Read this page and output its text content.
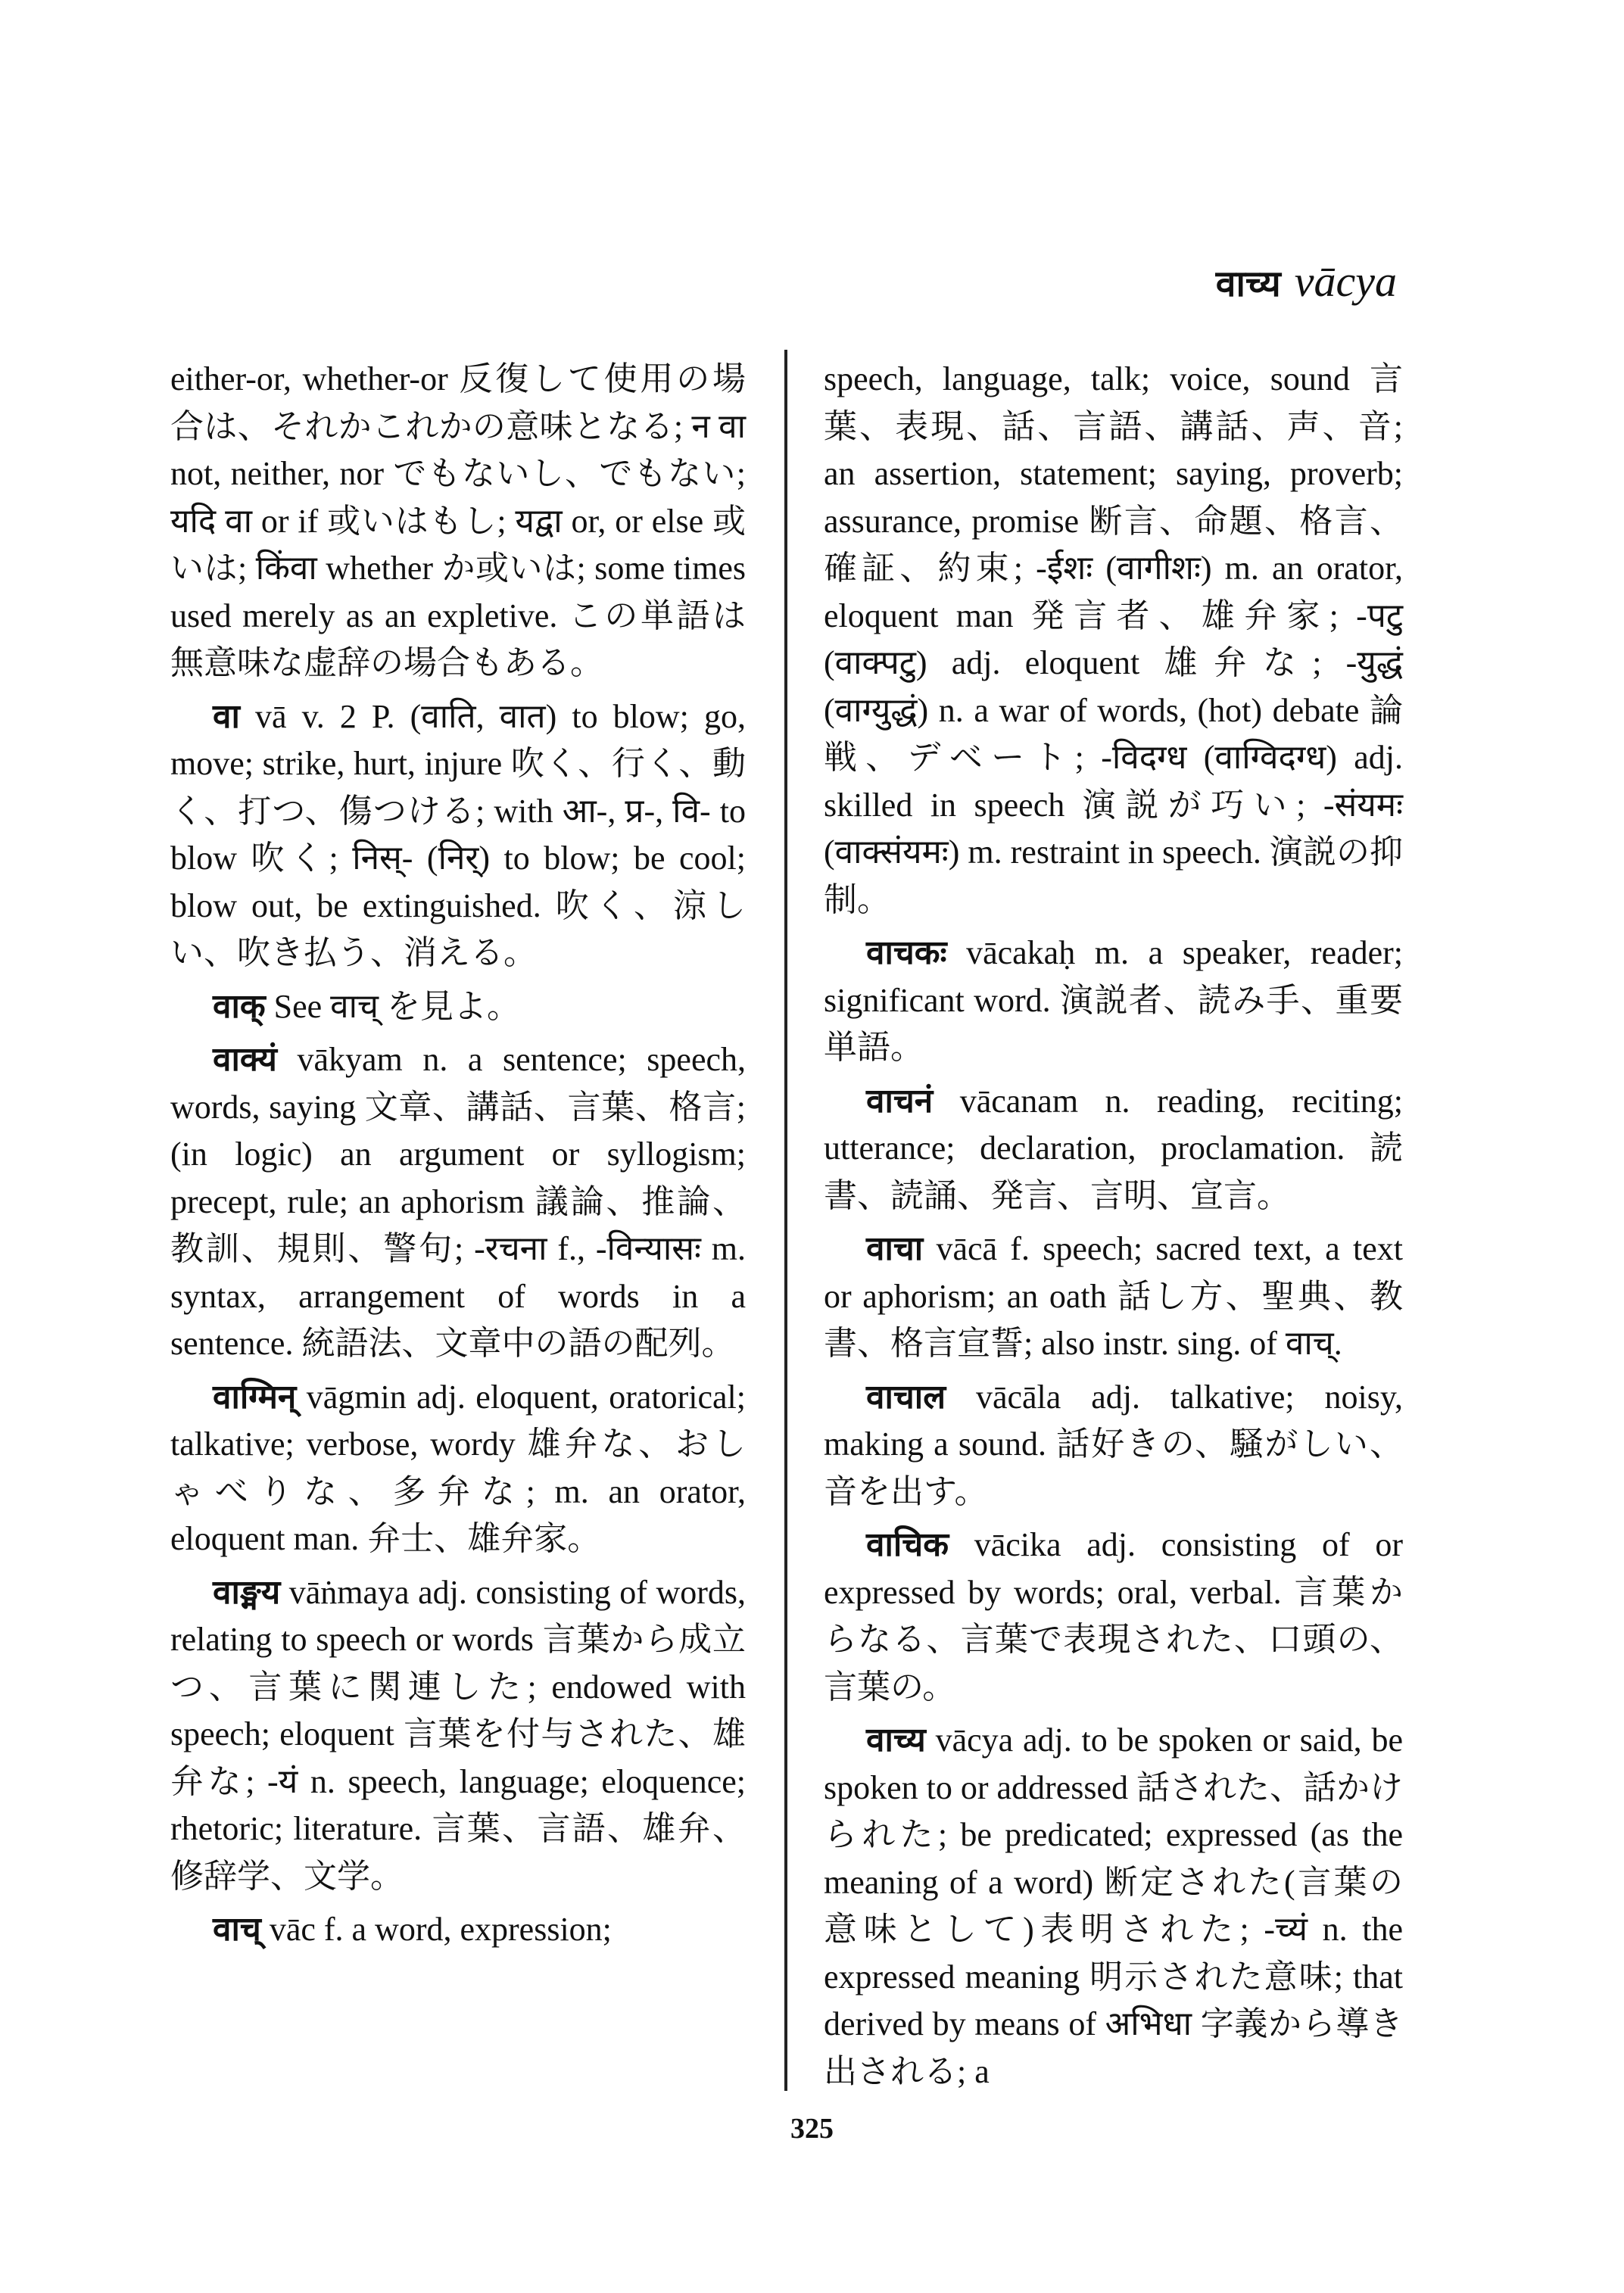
वाच्य vācya

either-or, whether-or 反復して使用の場合は、それかこれかの意味となる; न वा not, neither, nor でもないし、でもない; यदि वा or if 或いはもし; यद्वा or, or else 或いは; किंवा whether か或いは; some times used merely as an expletive. この単語は無意味な虚辞の場合もある。

वा vā v. 2 P. (वाति, वात) to blow; go, move; strike, hurt, injure 吹く、行く、動く、打つ、傷つける; with आ-, प्र-, वि- to blow 吹く; निस्- (निर्) to blow; be cool; blow out, be extinguished. 吹く、涼しい、吹き払う、消える。

वाक् See वाच् を見よ。

वाक्यं vākyam n. a sentence; speech, words, saying 文章、講話、言葉、格言; (in logic) an argument or syllogism; precept, rule; an aphorism 議論、推論、教訓、規則、警句; -रचना f., -विन्यासः m. syntax, arrangement of words in a sentence. 統語法、文章中の語の配列。

वाग्मिन् vāgmin adj. eloquent, oratorical; talkative; verbose, wordy 雄弁な、おしゃべりな、多弁な; m. an orator, eloquent man. 弁士、雄弁家。

वाङ्मय vāṅmaya adj. consisting of words, relating to speech or words 言葉から成立つ、言葉に関連した; endowed with speech; eloquent 言葉を付与された、雄弁な; -यं n. speech, language; eloquence; rhetoric; literature. 言葉、言語、雄弁、修辞学、文学。

वाच् vāc f. a word, expression;

speech, language, talk; voice, sound 言葉、表現、話、言語、講話、声、音; an assertion, statement; saying, proverb; assurance, promise 断言、命題、格言、確証、約束; -ईशः (वागीशः) m. an orator, eloquent man 発言者、雄弁家; -पटु (वाक्पटु) adj. eloquent 雄弁な; -युद्धं (वाग्युद्धं) n. a war of words, (hot) debate 論戦、デベート; -विदग्ध (वाग्विदग्ध) adj. skilled in speech 演説が巧い; -संयमः (वाक्संयमः) m. restraint in speech. 演説の抑制。

वाचकः vācakaḥ m. a speaker, reader; significant word. 演説者、読み手、重要単語。

वाचनं vācanam n. reading, reciting; utterance; declaration, proclamation. 読書、読誦、発言、言明、宣言。

वाचा vācā f. speech; sacred text, a text or aphorism; an oath 話し方、聖典、教書、格言宣誓; also instr. sing. of वाच्.

वाचाल vācāla adj. talkative; noisy, making a sound. 話好きの、騒がしい、音を出す。

वाचिक vācika adj. consisting of or expressed by words; oral, verbal. 言葉からなる、言葉で表現された、口頭の、言葉の。

वाच्य vācya adj. to be spoken or said, be spoken to or addressed 話された、話かけられた; be predicated; expressed (as the meaning of a word) 断定された(言葉の意味として)表明された; -च्यं n. the expressed meaning 明示された意味; that derived by means of अभिधा 字義から導き出される; a

325
